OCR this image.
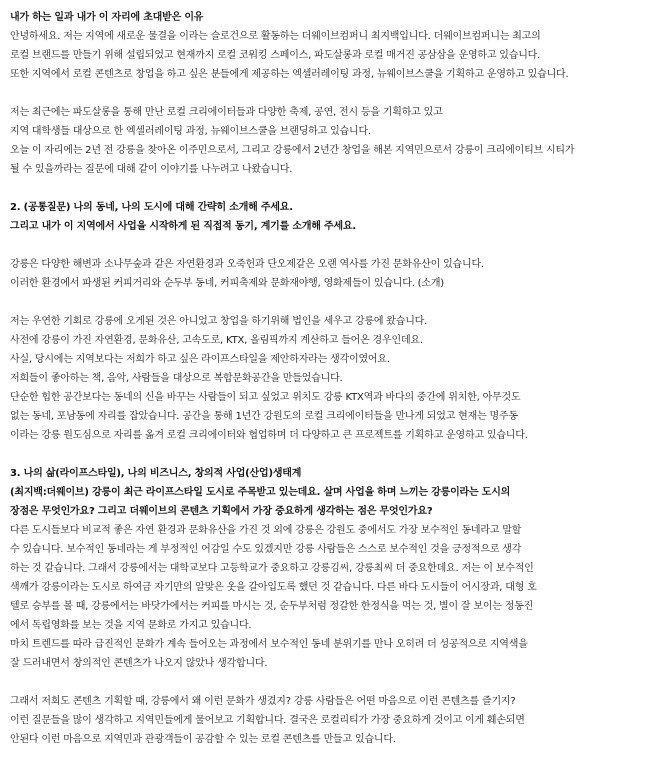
내가 하는 일과 내가 이 자리에 초대받은 이유

안녕하세요. 저는 지역에 새로운 물결을 이라는 슬로건으로 활동하는 더웨이브컴퍼니 최지백입니다. 더웨이브컴퍼니는 최고의

로컬 브랜드를 만들기 위해 설립되었고 현재까지 로컬 코워킹 스페이스, 파도살롱과 로컬 매거진 공삼삼을 운영하고 있습니다.

또한 지역에서 로컬 콘텐츠로 창업을 하고 싶은 분들에게 제공하는 엑셀러레이팅 과정, 뉴웨이브스쿨을 기획하고 운영하고 있습니다.

저는 최근에는 파도살롱을 통해 만난 로컬 크리에이터들과 다양한 축제, 공연, 전시 등을 기획하고 있고

지역 대학생들 대상으로 한 엑셀러레이팅 과정, 뉴웨이브스쿨을 브랜딩하고 있습니다.

오늘 이 자리에는 2년 전 강릉을 찾아온 이주민으로서, 그리고 강릉에서 2년간 창업을 해본 지역민으로서 강릉이 크리에이티브 시티가

될 수 있을까라는 질문에 대해 같이 이야기를 나누려고 나왔습니다.

2. (공통질문) 나의 동네, 나의 도시에 대해 간략히 소개해 주세요.

그리고 내가 이 지역에서 사업을 시작하게 된 직접적 동기, 계기를 소개해 주세요.

강릉은 다양한 해변과 소나무숲과 같은 자연환경과 오죽헌과 단오제같은 오랜 역사를 가진 문화유산이 있습니다.

이러한 환경에서 파생된 커피거리와 순두부 동네, 커피축제와 문화재야행, 영화제들이 있습니다. (소개)

저는 우연한 기회로 강릉에 오게된 것은 아니었고 창업을 하기위해 법인을 세우고 강릉에 왔습니다.

사전에 강릉이 가진 자연환경, 문화유산, 고속도로, KTX, 올림픽까지 계산하고 들어온 경우인데요.

사실, 당시에는 지역보다는 저희가 하고 싶은 라이프스타일을 제안하자라는 생각이였어요.

저희들이 좋아하는 책, 음악, 사람들을 대상으로 복합문화공간을 만들었습니다.

단순한 힙한 공간보다는 동네의 신을 바꾸는 사람들이 되고 싶었고 위치도 강릉 KTX역과 바다의 중간에 위치한, 아무것도

없는 동네, 포남동에 자리를 잡았습니다. 공간을 통해 1년간 강원도의 로컬 크리에이터들을 만나게 되었고 현재는 명주동

이라는 강릉 원도심으로 자리를 옮겨 로컬 크리에이터와 협업하며 더 다양하고 큰 프로젝트를 기획하고 운영하고 있습니다.

3. 나의 삶(라이프스타일), 나의 비즈니스, 창의적 사업(산업)생태계

(최지백:더웨이브) 강릉이 최근 라이프스타일 도시로 주목받고 있는데요. 살며 사업을 하며 느끼는 강릉이라는 도시의

장점은 무엇인가요? 그리고 더웨이브의 콘텐츠 기획에서 가장 중요하게 생각하는 점은 무엇인가요?

다른 도시들보다 비교적 좋은 자연 환경과 문화유산을 가진 것 외에 강릉은 강원도 중에서도 가장 보수적인 동네라고 말할

수 있습니다. 보수적인 동네라는 게 부정적인 어감일 수도 있겠지만 강릉 사람들은 스스로 보수적인 것을 긍정적으로 생각

하는 것 같습니다. 그래서 강릉에서는 대학교보다 고등학교가 중요하고 강릉김씨, 강릉최씨 더 중요한데요. 저는 이 보수적인

색깨가 강릉이라는 도시로 하여금 자기만의 알맞은 옷을 갈아입도록 했던 것 같습니다. 다른 바다 도시들이 어시장과, 대형 호

텔로 승부를 볼 때, 강릉에서는 바닷가에서는 커피를 마시는 것, 순두부처럼 정갈한 한정식을 먹는 것, 별이 잘 보이는 정동진

에서 독립영화를 보는 것을 지역 문화로 가지고 있습니다.

마치 트렌드를 따라 급진적인 문화가 계속 들어오는 과정에서 보수적인 동네 분위기를 만나 오히려 더 성공적으로 지역색을

잘 드러내면서 창의적인 콘텐츠가 나오지 않았나 생각합니다.

그래서 저희도 콘텐츠 기획할 때, 강릉에서 왜 이런 문화가 생겼지? 강릉 사람들은 어떤 마음으로 이런 콘텐츠를 즐기지?

이런 질문들을 많이 생각하고 지역민들에게 물어보고 기획합니다. 결국은 로컬리티가 가장 중요하게 것이고 이게 훼손되면

안된다 이런 마음으로 지역민과 관광객들이 공감할 수 있는 로컬 콘텐츠를 만들고 있습니다.
